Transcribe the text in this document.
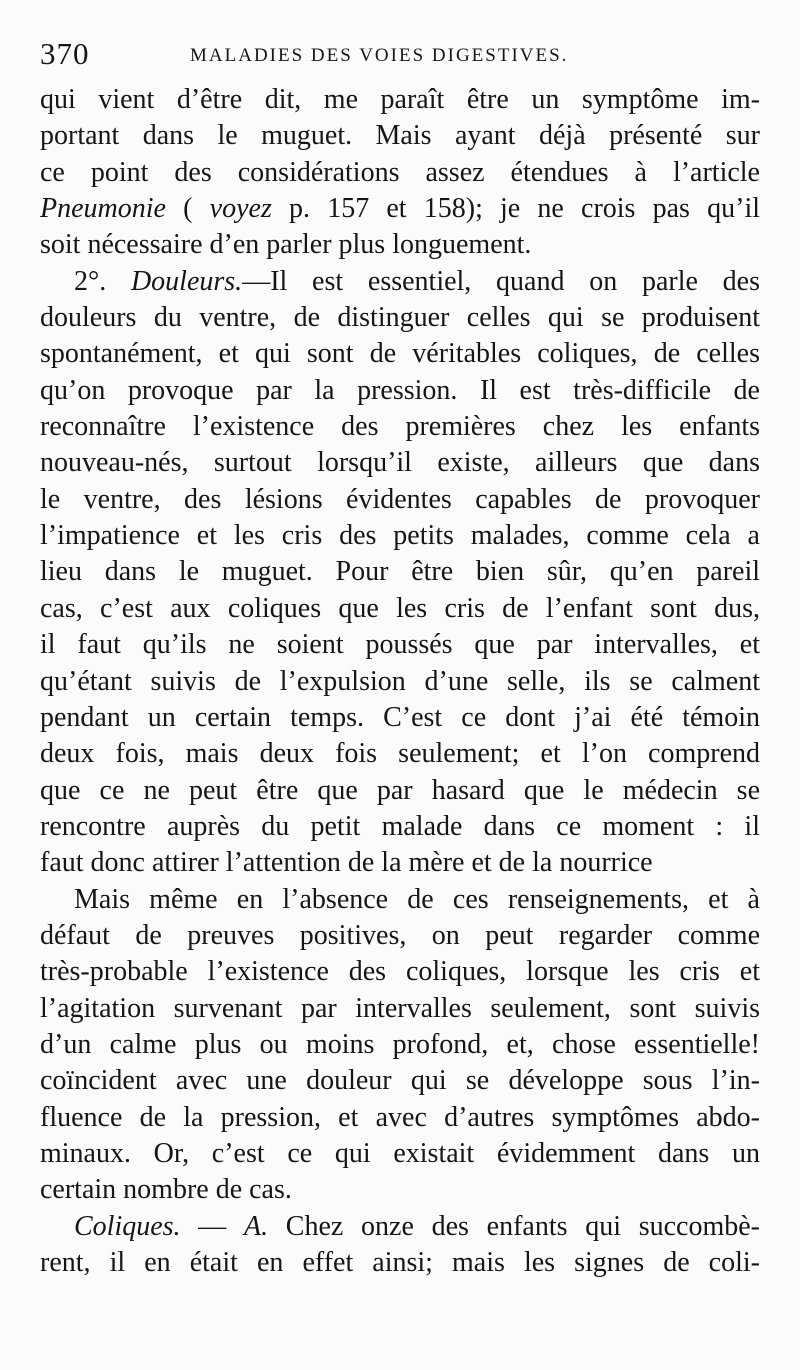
370	MALADIES DES VOIES DIGESTIVES.
qui vient d’être dit, me paraît être un symptôme im-
portant dans le muguet. Mais ayant déjà présenté sur
ce point des considérations assez étendues à l’article
Pneumonie ( voyez p. 157 et 158); je ne crois pas qu’il
soit nécessaire d’en parler plus longuement.
2°. Douleurs.—Il est essentiel, quand on parle des
douleurs du ventre, de distinguer celles qui se produisent
spontanément, et qui sont de véritables coliques, de celles
qu’on provoque par la pression. Il est très-difficile de
reconnaître l’existence des premières chez les enfants
nouveau-nés, surtout lorsqu’il existe, ailleurs que dans
le ventre, des lésions évidentes capables de provoquer
l’impatience et les cris des petits malades, comme cela a
lieu dans le muguet. Pour être bien sûr, qu’en pareil
cas, c’est aux coliques que les cris de l’enfant sont dus,
il faut qu’ils ne soient poussés que par intervalles, et
qu’étant suivis de l’expulsion d’une selle, ils se calment
pendant un certain temps. C’est ce dont j’ai été témoin
deux fois, mais deux fois seulement; et l’on comprend
que ce ne peut être que par hasard que le médecin se
rencontre auprès du petit malade dans ce moment : il
faut donc attirer l’attention de la mère et de la nourrice
Mais même en l’absence de ces renseignements, et à
défaut de preuves positives, on peut regarder comme
très-probable l’existence des coliques, lorsque les cris et
l’agitation survenant par intervalles seulement, sont suivis
d’un calme plus ou moins profond, et, chose essentielle!
coïncident avec une douleur qui se développe sous l’in-
fluence de la pression, et avec d’autres symptômes abdo-
minaux. Or, c’est ce qui existait évidemment dans un
certain nombre de cas.
Coliques. — A. Chez onze des enfants qui succombè-
rent, il en était en effet ainsi; mais les signes de coli-
